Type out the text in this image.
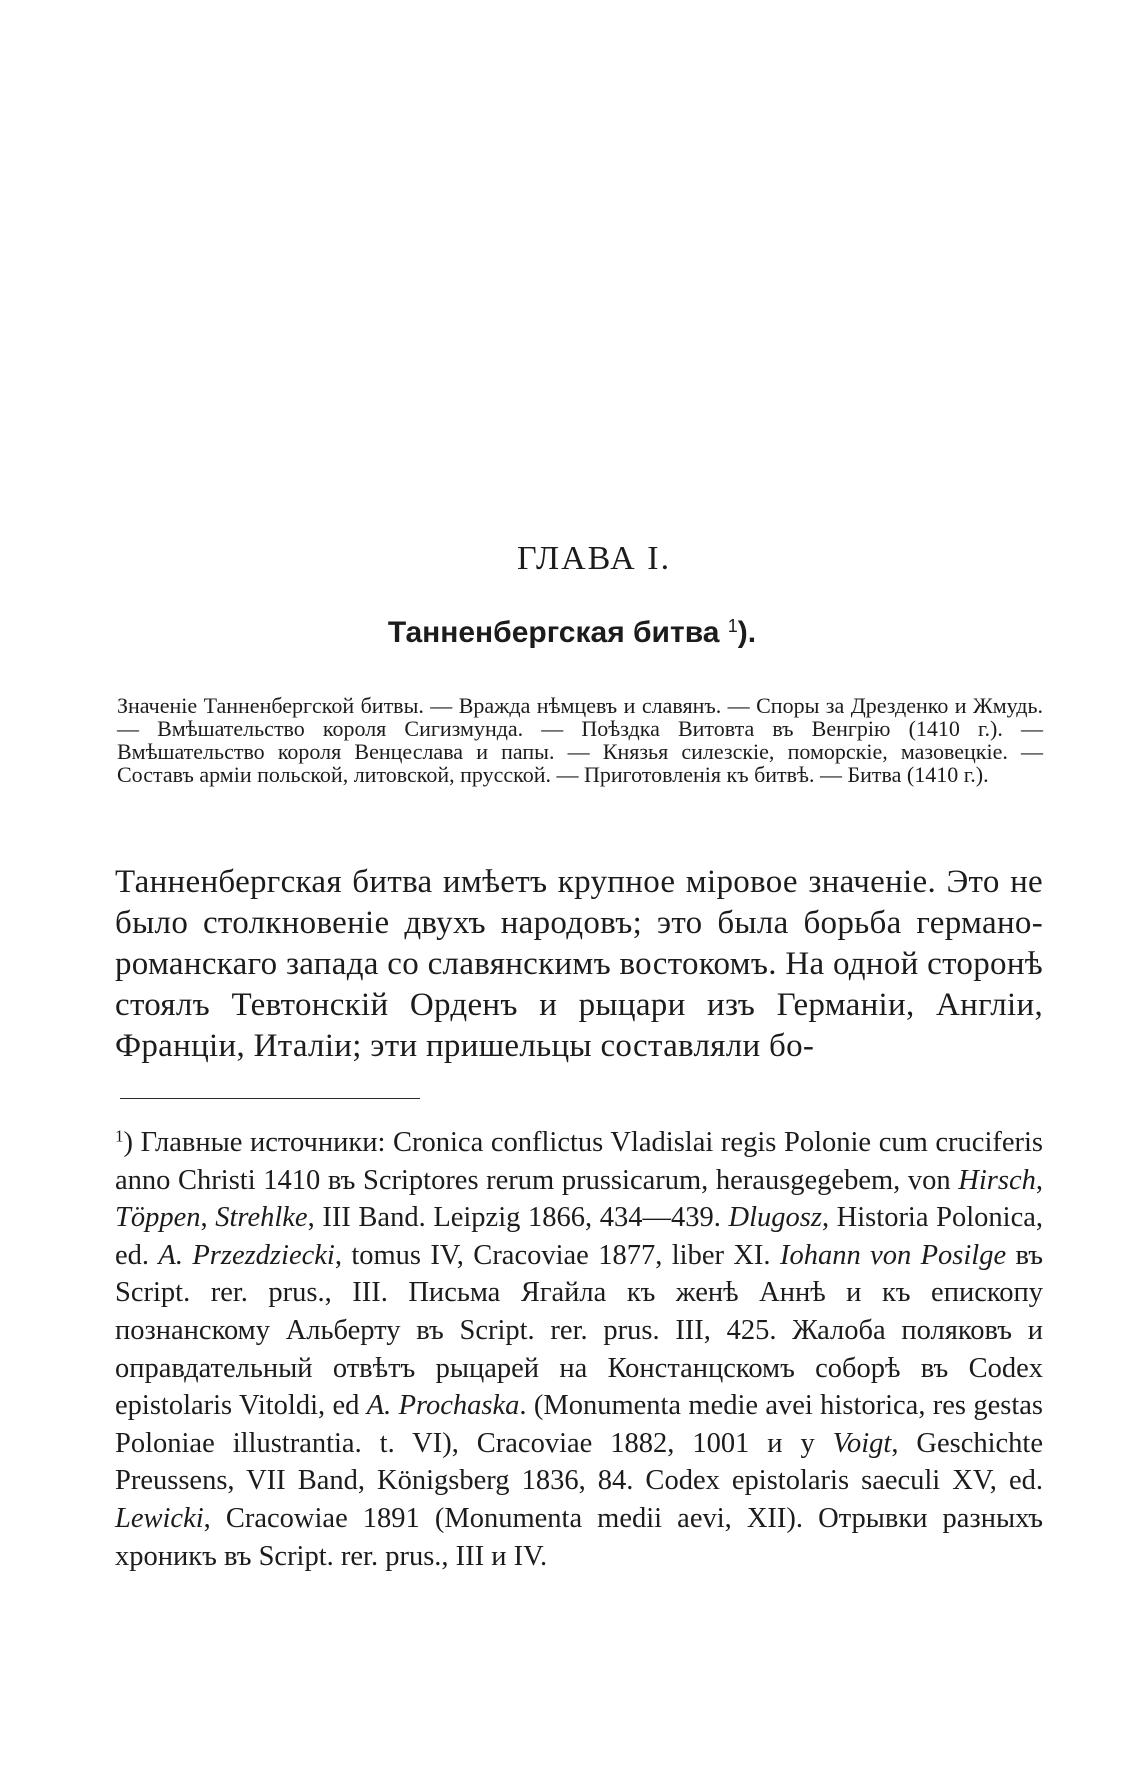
ГЛАВА I.
Танненбергская битва $^1$).
Значеніе Танненбергской битвы. — Вражда нѣмцевъ и славянъ. — Споры за Дрезденко и Жмудь. — Вмѣшательство короля Сигизмунда. — Поѣздка Витовта въ Венгрію (1410 г.). — Вмѣшательство короля Венцеслава и папы. — Князья силезскіе, поморскіе, мазовецкіе. — Составъ арміи польской, литовской, прусской. — Приготовленія къ битвѣ. — Битва (1410 г.).
Танненбергская битва имѣетъ крупное міровое значеніе. Это не было столкновеніе двухъ народовъ; это была борьба германо-романскаго запада со славянскимъ востокомъ. На одной сторонѣ стоялъ Тевтонскій Орденъ и рыцари изъ Германіи, Англіи, Франціи, Италіи; эти пришельцы составляли бо-
$^1$) Главные источники: Cronica conflictus Vladislai regis Polonie cum cruciferis anno Christi 1410 въ Scriptores rerum prussicarum, herausgegebem, von Hirsch, Töppen, Strehlke, III Band. Leipzig 1866, 434—439. Dlugosz, Historia Polonica, ed. A. Przezdziecki, tomus IV, Cracoviae 1877, liber XI. Iohann von Posilge въ Script. rer. prus., III. Письма Ягайла къ женѣ Аннѣ и къ епископу познанскому Альберту въ Script. rer. prus. III, 425. Жалоба поляковъ и оправдательный отвѣтъ рыцарей на Констанцскомъ соборѣ въ Codex epistolaris Vitoldi, ed A. Prochaska. (Monumenta medie avei historica, res gestas Poloniae illustrantia. t. VI), Cracoviae 1882, 1001 и у Voigt, Geschichte Preussens, VII Band, Königsberg 1836, 84. Codex epistolaris saeculi XV, ed. Lewicki, Cracowiae 1891 (Monumenta medii aevi, XII). Отрывки разныхъ хроникъ въ Script. rer. prus., III и IV.
